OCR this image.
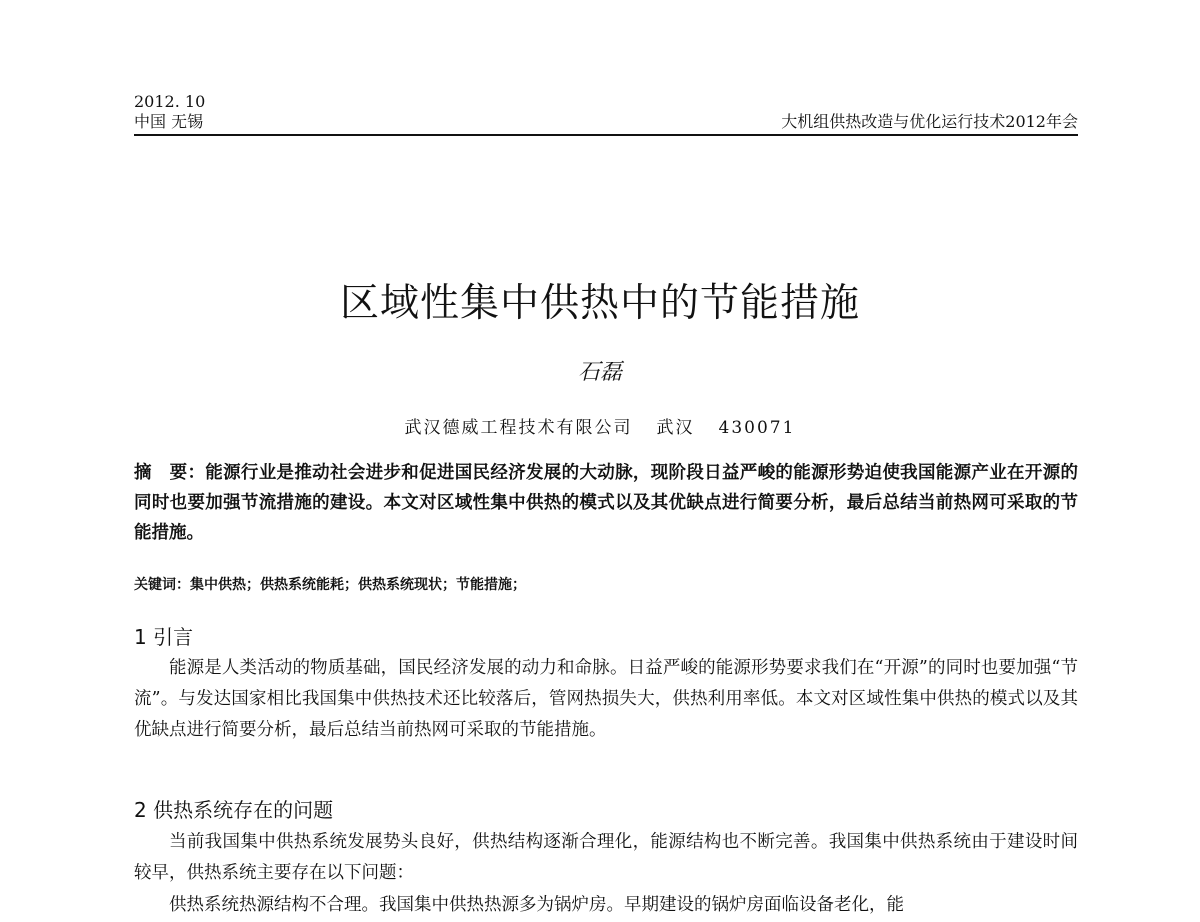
2012. 10
中国 无锡	大机组供热改造与优化运行技术2012年会
区域性集中供热中的节能措施
石磊
武汉德威工程技术有限公司 武汉 430071
摘　要：能源行业是推动社会进步和促进国民经济发展的大动脉，现阶段日益严峻的能源形势迫使我国能源产业在开源的同时也要加强节流措施的建设。本文对区域性集中供热的模式以及其优缺点进行简要分析，最后总结当前热网可采取的节能措施。
关键词：集中供热；供热系统能耗；供热系统现状；节能措施；
1 引言
能源是人类活动的物质基础，国民经济发展的动力和命脉。日益严峻的能源形势要求我们在“开源”的同时也要加强“节流”。与发达国家相比我国集中供热技术还比较落后，管网热损失大，供热利用率低。本文对区域性集中供热的模式以及其优缺点进行简要分析，最后总结当前热网可采取的节能措施。
2 供热系统存在的问题
当前我国集中供热系统发展势头良好，供热结构逐渐合理化，能源结构也不断完善。我国集中供热系统由于建设时间较早，供热系统主要存在以下问题：
供热系统热源结构不合理。我国集中供热热源多为锅炉房。早期建设的锅炉房面临设备老化，能
